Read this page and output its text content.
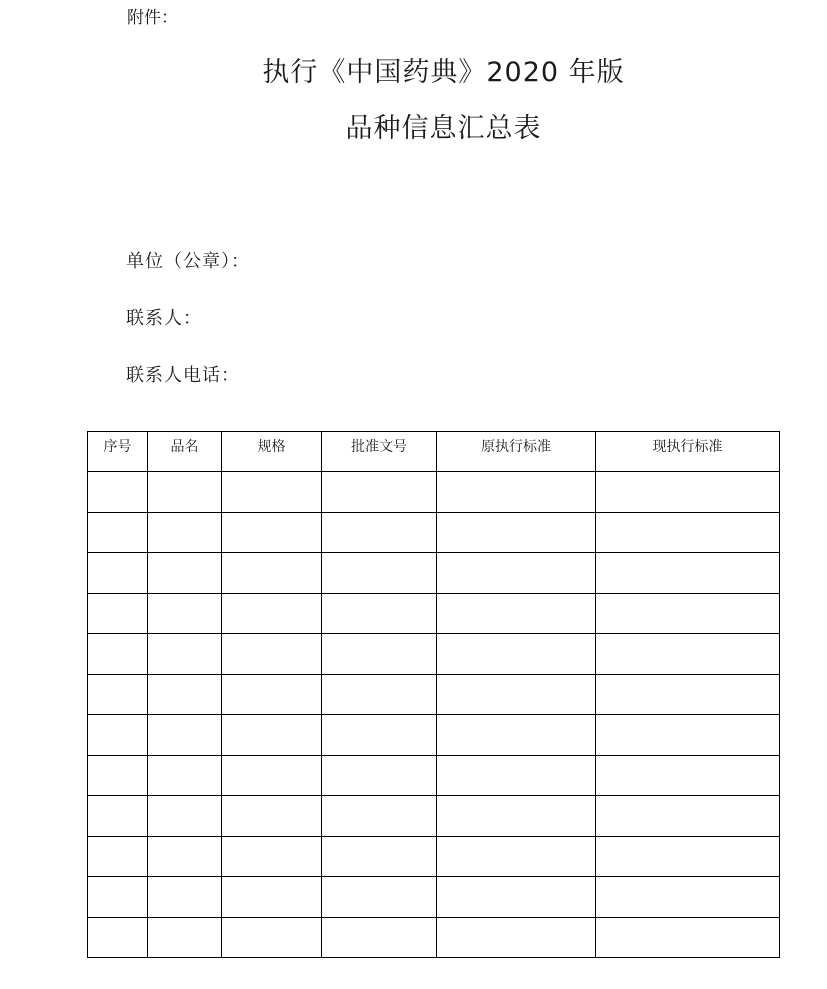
附件：
执行《中国药典》2020 年版
品种信息汇总表
单位（公章）：
联系人：
联系人电话：
序号	品名	规格	批准文号	原执行标准	现执行标准
